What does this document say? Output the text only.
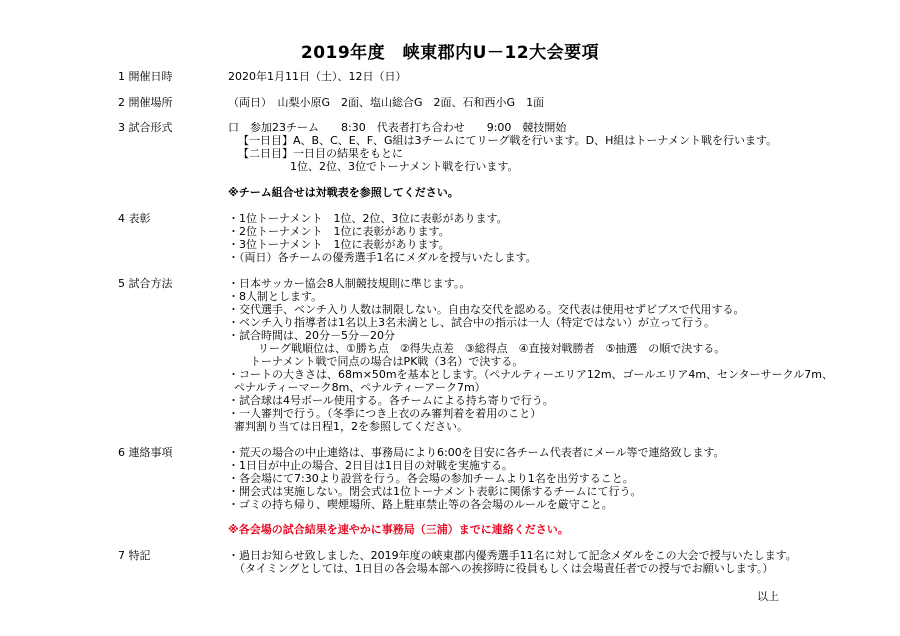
2019年度　峡東郡内U－12大会要項
1 開催日時	2020年1月11日（土）、12日（日）
2 開催場所	（両日）　山梨小原G　2面、塩山総合G　2面、石和西小G　1面
3 試合形式	口　参加23チーム　　8:30　代表者打ち合わせ　　9:00　競技開始
【一日目】A、B、C、E、F、G組は3チームにてリーグ戦を行います。D、H組はトーナメント戦を行います。
【二日目】一日目の結果をもとに
1位、2位、3位でトーナメント戦を行います。
※チーム組合せは対戦表を参照してください。
4 表彰	・1位トーナメント　1位、2位、3位に表彰があります。
・2位トーナメント　1位に表彰があります。
・3位トーナメント　1位に表彰があります。
・（両日）各チームの優秀選手1名にメダルを授与いたします。
5 試合方法	・日本サッカー協会8人制競技規則に準じます。。
・8人制とします。
・交代選手、ベンチ入り人数は制限しない。自由な交代を認める。交代表は使用せずビブスで代用する。
・ベンチ入り指導者は1名以上3名未満とし、試合中の指示は一人（特定ではない）が立って行う。
・試合時間は、20分－5分－20分
リーグ戦順位は、①勝ち点　②得失点差　③総得点　④直接対戦勝者　⑤抽選　の順で決する。
トーナメント戦で同点の場合はPK戦（3名）で決する。
・コートの大きさは、68m×50mを基本とします。（ペナルティーエリア12m、ゴールエリア4m、センターサークル7m、
ペナルティーマーク8m、ペナルティーアーク7m）
・試合球は4号ボール使用する。各チームによる持ち寄りで行う。
・一人審判で行う。（冬季につき上衣のみ審判着を着用のこと）
審判割り当ては日程1，2を参照してください。
6 連絡事項	・荒天の場合の中止連絡は、事務局により6:00を目安に各チーム代表者にメール等で連絡致します。
・1日目が中止の場合、2日目は1日目の対戦を実施する。
・各会場にて7:30より設営を行う。各会場の参加チームより1名を出労すること。
・開会式は実施しない。閉会式は1位トーナメント表彰に関係するチームにて行う。
・ゴミの持ち帰り、喫煙場所、路上駐車禁止等の各会場のルールを厳守こと。
※各会場の試合結果を速やかに事務局（三浦）までに連絡ください。
7 特記	・過日お知らせ致しました、2019年度の峡東郡内優秀選手11名に対して記念メダルをこの大会で授与いたします。
（タイミングとしては、1日目の各会場本部への挨拶時に役員もしくは会場責任者での授与でお願いします。）
以上
